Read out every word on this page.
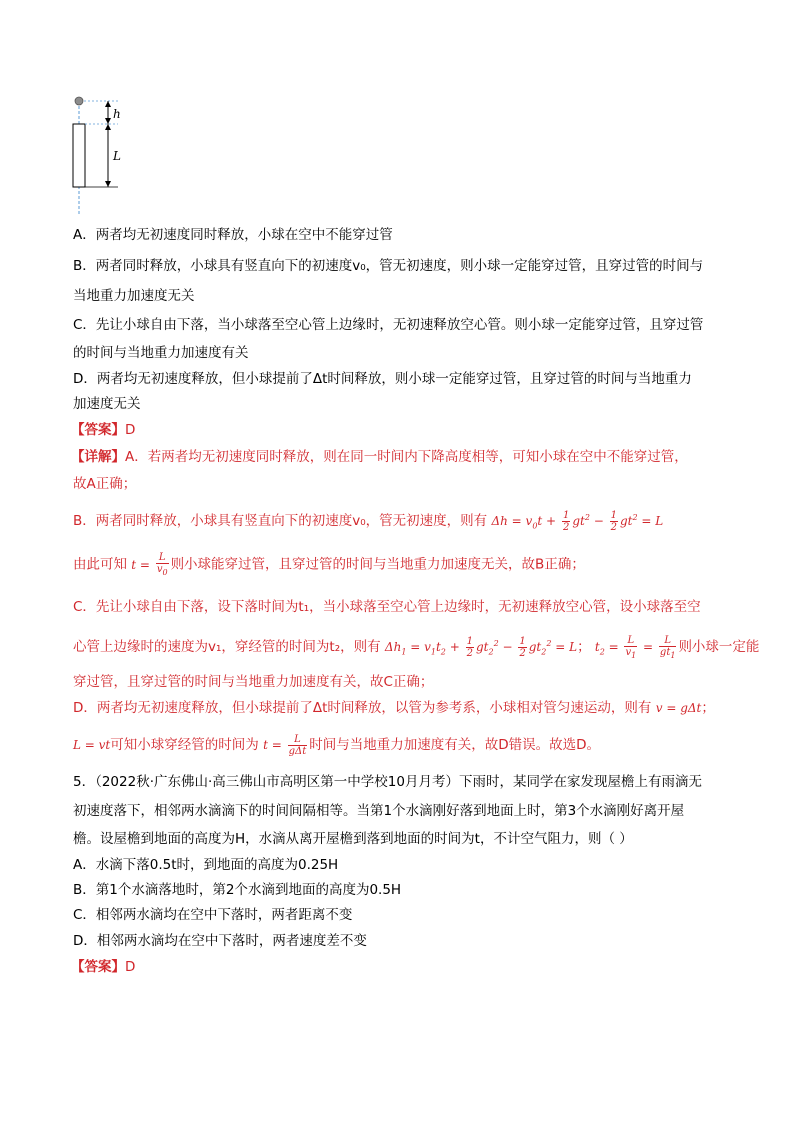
h
L
A．两者均无初速度同时释放，小球在空中不能穿过管
B．两者同时释放，小球具有竖直向下的初速度v₀，管无初速度，则小球一定能穿过管，且穿过管的时间与
当地重力加速度无关
C．先让小球自由下落，当小球落至空心管上边缘时，无初速释放空心管。则小球一定能穿过管，且穿过管
的时间与当地重力加速度有关
D．两者均无初速度释放，但小球提前了Δt时间释放，则小球一定能穿过管，且穿过管的时间与当地重力
加速度无关
【答案】D
【详解】A．若两者均无初速度同时释放，则在同一时间内下降高度相等，可知小球在空中不能穿过管，
故A正确；
B．两者同时释放，小球具有竖直向下的初速度v₀，管无初速度，则有 $\Delta h = v_0t + \frac{1}{2} gt^2 - \frac{1}{2} gt^2 = L$
由此可知 $t = \frac{L}{v_0}$ 则小球能穿过管，且穿过管的时间与当地重力加速度无关，故B正确；
C．先让小球自由下落，设下落时间为t₁，当小球落至空心管上边缘时，无初速释放空心管，设小球落至空
心管上边缘时的速度为v₁，穿经管的时间为t₂，则有 $\Delta h_1 = v_1t_2 + \frac{1}{2} gt_2^2 - \frac{1}{2} gt_2^2 = L$； $t_2 = \frac{L}{v_1} = \frac{L}{gt_1}$ 则小球一定能
穿过管，且穿过管的时间与当地重力加速度有关，故C正确；
D．两者均无初速度释放，但小球提前了Δt时间释放，以管为参考系，小球相对管匀速运动，则有 v = gΔt；
L = vt可知小球穿经管的时间为 $t = \frac{L}{\text{gΔt}}$ 时间与当地重力加速度有关，故D错误。故选D。
5．（2022秋·广东佛山·高三佛山市高明区第一中学校10月月考）下雨时，某同学在家发现屋檐上有雨滴无
初速度落下，相邻两水滴滴下的时间间隔相等。当第1个水滴刚好落到地面上时，第3个水滴刚好离开屋
檐。设屋檐到地面的高度为H，水滴从离开屋檐到落到地面的时间为t，不计空气阻力，则（ ）
A．水滴下落0.5t时，到地面的高度为0.25H
B．第1个水滴落地时，第2个水滴到地面的高度为0.5H
C．相邻两水滴均在空中下落时，两者距离不变
D．相邻两水滴均在空中下落时，两者速度差不变
【答案】D
